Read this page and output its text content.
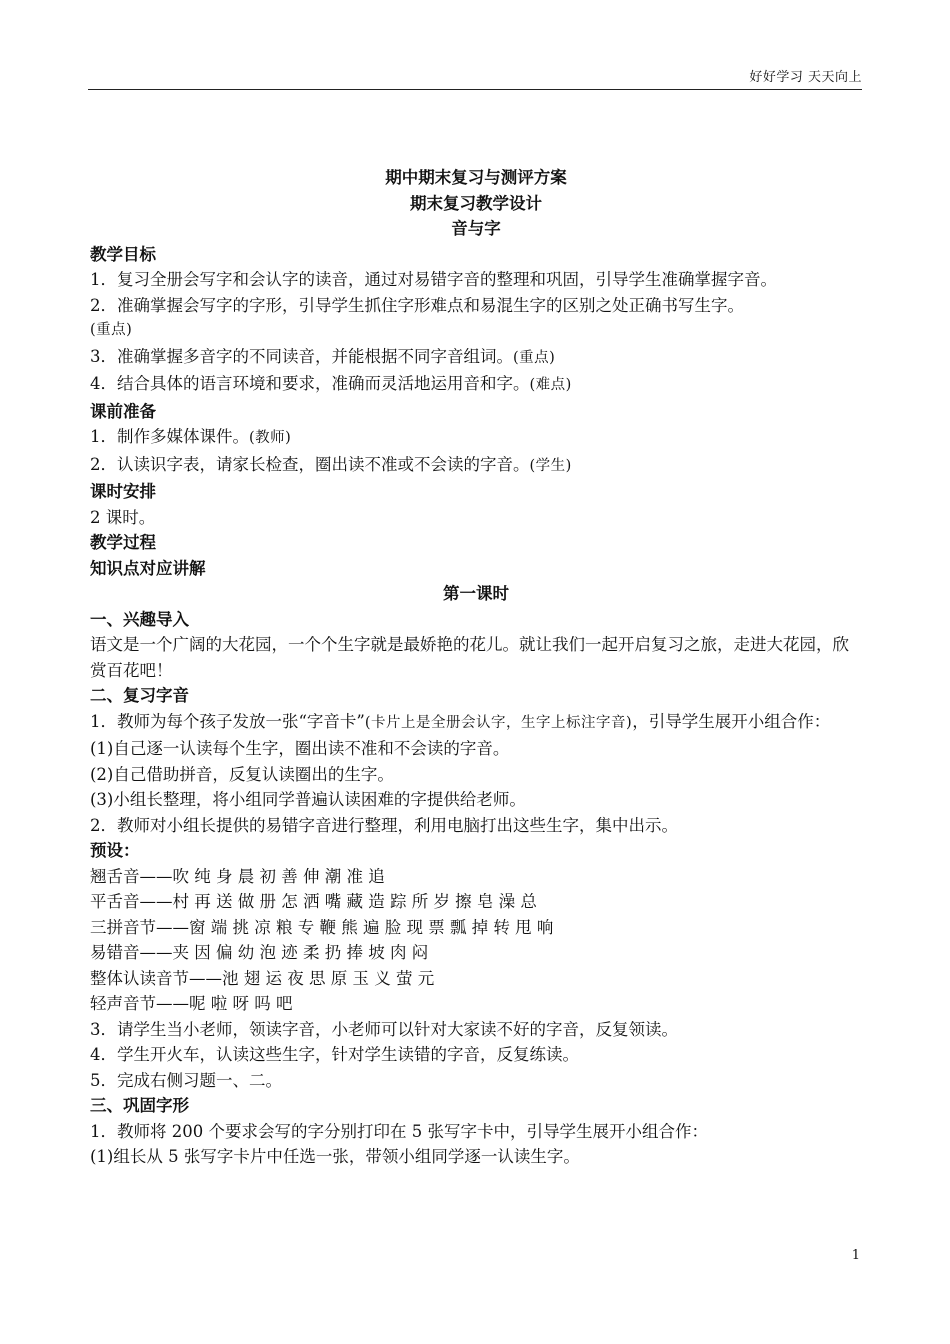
好好学习 天天向上
期中期末复习与测评方案
期末复习教学设计
音与字
教学目标
1．复习全册会写字和会认字的读音，通过对易错字音的整理和巩固，引导学生准确掌握字音。
2．准确掌握会写字的字形，引导学生抓住字形难点和易混生字的区别之处正确书写生字。
(重点)
3．准确掌握多音字的不同读音，并能根据不同字音组词。(重点)
4．结合具体的语言环境和要求，准确而灵活地运用音和字。(难点)
课前准备
1．制作多媒体课件。(教师)
2．认读识字表，请家长检查，圈出读不准或不会读的字音。(学生)
课时安排
2 课时。
教学过程
知识点对应讲解
第一课时
一、兴趣导入
语文是一个广阔的大花园，一个个生字就是最娇艳的花儿。就让我们一起开启复习之旅，走进大花园，欣赏百花吧！
二、复习字音
1．教师为每个孩子发放一张“字音卡”(卡片上是全册会认字，生字上标注字音)，引导学生展开小组合作：
(1)自己逐一认读每个生字，圈出读不准和不会读的字音。
(2)自己借助拼音，反复认读圈出的生字。
(3)小组长整理，将小组同学普遍认读困难的字提供给老师。
2．教师对小组长提供的易错字音进行整理，利用电脑打出这些生字，集中出示。
预设：
翘舌音——吹 纯 身 晨 初 善 伸 潮 准 追
平舌音——村 再 送 做 册 怎 洒 嘴 藏 造 踪 所 岁 擦 皂 澡 总
三拼音节——窗 端 挑 凉 粮 专 鞭 熊 遍 脸 现 票 瓢 掉 转 甩 响
易错音——夹 因 偏 幼 泡 迹 柔 扔 捧 坡 肉 闷
整体认读音节——池 翅 运 夜 思 原 玉 义 萤 元
轻声音节——呢 啦 呀 吗 吧
3．请学生当小老师，领读字音，小老师可以针对大家读不好的字音，反复领读。
4．学生开火车，认读这些生字，针对学生读错的字音，反复练读。
5．完成右侧习题一、二。
三、巩固字形
1．教师将 200 个要求会写的字分别打印在 5 张写字卡中，引导学生展开小组合作：
(1)组长从 5 张写字卡片中任选一张，带领小组同学逐一认读生字。
1
